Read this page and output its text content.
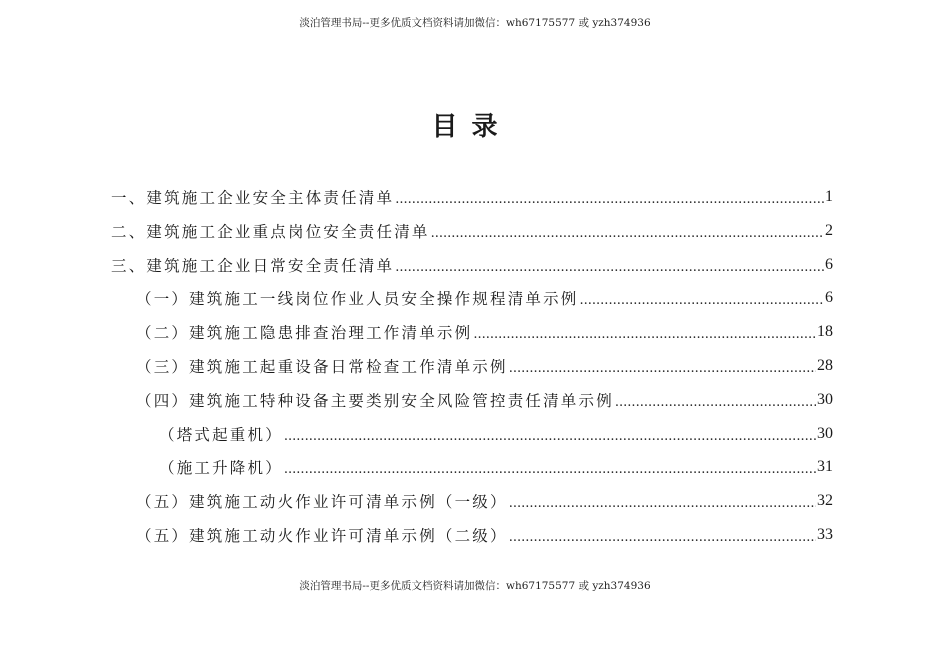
淡泊管理书局--更多优质文档资料请加微信：wh67175577 或 yzh374936
目录
一、建筑施工企业安全主体责任清单 .....	1
二、建筑施工企业重点岗位安全责任清单 .....	2
三、建筑施工企业日常安全责任清单 .....	6
（一）建筑施工一线岗位作业人员安全操作规程清单示例 .....	6
（二）建筑施工隐患排查治理工作清单示例 .....	18
（三）建筑施工起重设备日常检查工作清单示例 .....	28
（四）建筑施工特种设备主要类别安全风险管控责任清单示例 .....	30
（塔式起重机） .....	30
（施工升降机） .....	31
（五）建筑施工动火作业许可清单示例（一级） .....	32
（五）建筑施工动火作业许可清单示例（二级） .....	33
淡泊管理书局--更多优质文档资料请加微信：wh67175577 或 yzh374936
